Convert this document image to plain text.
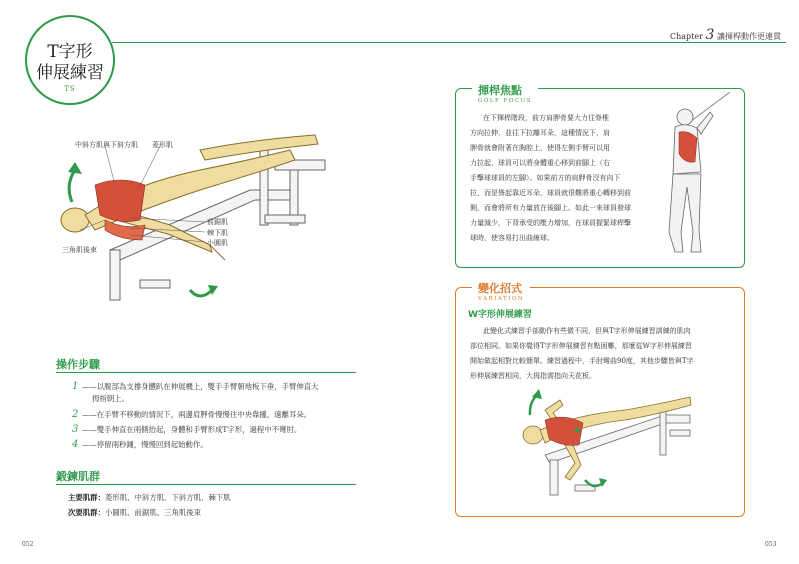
T字形
伸展練習
TS
中斜方肌與下斜方肌 菱形肌
前鋸肌
棘下肌
小圓肌
三角肌後束
操作步驟
1 ——以腹部為支撐身體趴在伸展機上，雙手手臂朝地板下垂，手臂伸直大
拇指朝上。
2 ——在手臂不移動的情況下，兩邊肩胛骨慢慢往中央靠攏，遠離耳朵。
3 ——雙手伸直在兩側抬起，身體和手臂形成T字形，過程中不彎肘。
4 ——停留兩秒鐘，慢慢回到起始動作。
鍛鍊肌群
主要肌群：菱形肌、中斜方肌、下斜方肌、棘下肌
次要肌群：小圓肌、前鋸肌、三角肌後束
052
Chapter 3 讓揮桿動作更連貫
揮桿焦點
GOLF FOCUS
在下揮桿階段，前方肩胛骨要大力往脊椎
方向拉伸，並往下拉離耳朵，這種情況下，肩
胛骨就會附著在胸腔上，使得左側手臂可以用
力拉起，球員可以將身體重心移到前腳上（右
手擊球球員的左腳）。如果前方的肩胛骨沒有向下
拉，而是聳起靠近耳朵，球員就很難將重心轉移到前
側，而會將所有力量放在後腳上。如此一來球員發球
力量減少，下背承受的壓力增加，在球員握緊球桿擊
球時，使容易打出曲線球。
變化招式
VARIATION
W字形伸展練習
此變化式練習手部動作有些微不同，但與T字形伸展練習訓練的肌肉
部位相同。如果你覺得T字形伸展練習有點困難，那麼從W字形伸展練習
開始做起相對比較簡單。練習過程中，手肘彎曲90度，其他步驟皆與T字
形伸展練習相同，大拇指需指向天花板。
053
